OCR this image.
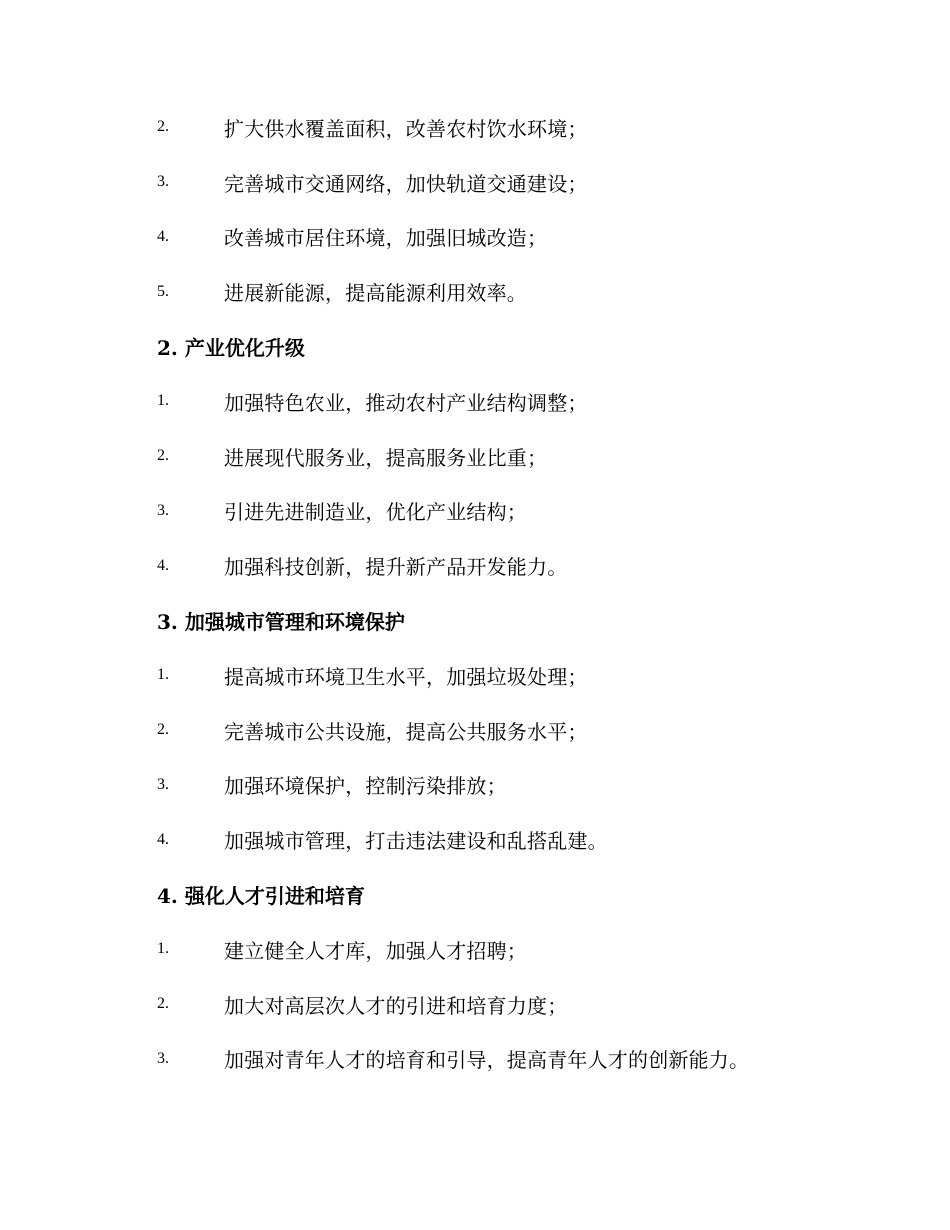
2.	扩大供水覆盖面积，改善农村饮水环境；
3.	完善城市交通网络，加快轨道交通建设；
4.	改善城市居住环境，加强旧城改造；
5.	进展新能源，提高能源利用效率。
2. 产业优化升级
1.	加强特色农业，推动农村产业结构调整；
2.	进展现代服务业，提高服务业比重；
3.	引进先进制造业，优化产业结构；
4.	加强科技创新，提升新产品开发能力。
3. 加强城市管理和环境保护
1.	提高城市环境卫生水平，加强垃圾处理；
2.	完善城市公共设施，提高公共服务水平；
3.	加强环境保护，控制污染排放；
4.	加强城市管理，打击违法建设和乱搭乱建。
4. 强化人才引进和培育
1.	建立健全人才库，加强人才招聘；
2.	加大对高层次人才的引进和培育力度；
3.	加强对青年人才的培育和引导，提高青年人才的创新能力。
